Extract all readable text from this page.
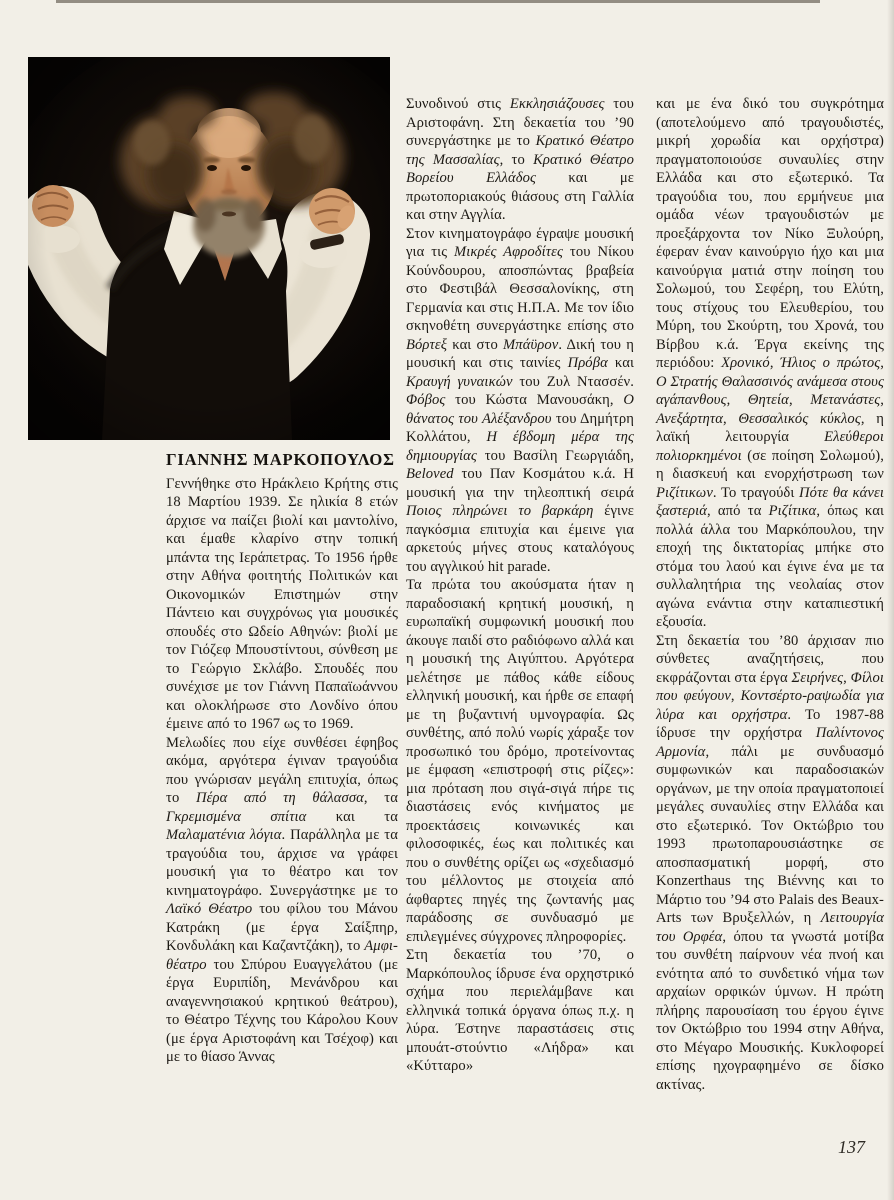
ΓΙΑΝΝΗΣ ΜΑΡΚΟΠΟΥΛΟΣ

Γεννήθηκε στο Ηράκλειο Κρήτης στις 18 Μαρτίου 1939. Σε ηλικία 8 ετών άρχισε να παίζει βιολί και μαντολίνο, και έμαθε κλαρίνο στην τοπική μπάντα της Ιεράπετρας. Το 1956 ήρθε στην Αθήνα φοιτητής Πολιτικών και Οικονομικών Επιστημών στην Πάντειο και συγχρόνως για μουσικές σπουδές στο Ωδείο Αθηνών: βιολί με τον Γιόζεφ Μπουστίντουι, σύνθεση με το Γεώργιο Σκλάβο. Σπουδές που συνέχισε με τον Γιάννη Παπαϊωάννου και ολοκλήρωσε στο Λονδίνο όπου έμεινε από το 1967 ως το 1969.

Μελωδίες που είχε συνθέσει έφηβος ακόμα, αργότερα έγιναν τραγούδια που γνώρισαν μεγάλη επιτυχία, όπως το Πέρα από τη θάλασσα, τα Γκρεμισμένα σπίτια και τα Μαλαματένια λόγια. Παράλληλα με τα τραγούδια του, άρχισε να γράφει μουσική για το θέατρο και τον κινηματογράφο. Συνεργάστηκε με το Λαϊκό Θέατρο του φίλου του Μάνου Κατράκη (με έργα Σαίξπηρ, Κονδυλάκη και Καζαντζάκη), το Αμφι-θέατρο του Σπύρου Ευαγγελάτου (με έργα Ευριπίδη, Μενάνδρου και αναγεννησιακού κρητικού θεάτρου), το Θέατρο Τέχνης του Κάρολου Κουν (με έργα Αριστοφάνη και Τσέχοφ) και με το θίασο Άννας

Συνοδινού στις Εκκλησιάζουσες του Αριστοφάνη. Στη δεκαετία του ’90 συνεργάστηκε με το Κρατικό Θέατρο της Μασσαλίας, το Κρατικό Θέατρο Βορείου Ελλάδος και με πρωτοποριακούς θιάσους στη Γαλλία και στην Αγγλία.

Στον κινηματογράφο έγραψε μουσική για τις Μικρές Αφροδίτες του Νίκου Κούνδουρου, αποσπώντας βραβεία στο Φεστιβάλ Θεσσαλονίκης, στη Γερμανία και στις Η.Π.Α. Με τον ίδιο σκηνοθέτη συνεργάστηκε επίσης στο Βόρτεξ και στο Μπάϋρον. Δική του η μουσική και στις ταινίες Πρόβα και Κραυγή γυναικών του Ζυλ Ντασσέν. Φόβος του Κώστα Μανουσάκη, Ο θάνατος του Αλέξανδρου του Δημήτρη Κολλάτου, Η έβδομη μέρα της δημιουργίας του Βασίλη Γεωργιάδη, Beloved του Παν Κοσμάτου κ.ά. Η μουσική για την τηλεοπτική σειρά Ποιος πληρώνει το βαρκάρη έγινε παγκόσμια επιτυχία και έμεινε για αρκετούς μήνες στους καταλόγους του αγγλικού hit parade.

Τα πρώτα του ακούσματα ήταν η παραδοσιακή κρητική μουσική, η ευρωπαϊκή συμφωνική μουσική που άκουγε παιδί στο ραδιόφωνο αλλά και η μουσική της Αιγύπτου. Αργότερα μελέτησε με πάθος κάθε είδους ελληνική μουσική, και ήρθε σε επαφή με τη βυζαντινή υμνογραφία. Ως συνθέτης, από πολύ νωρίς χάραξε τον προσωπικό του δρόμο, προτείνοντας με έμφαση «επιστροφή στις ρίζες»: μια πρόταση που σιγά-σιγά πήρε τις διαστάσεις ενός κινήματος με προεκτάσεις κοινωνικές και φιλοσοφικές, έως και πολιτικές και που ο συνθέτης ορίζει ως «σχεδιασμό του μέλλοντος με στοιχεία από άφθαρτες πηγές της ζωντανής μας παράδοσης σε συνδυασμό με επιλεγμένες σύγχρονες πληροφορίες.

Στη δεκαετία του ’70, ο Μαρκόπουλος ίδρυσε ένα ορχηστρικό σχήμα που περιελάμβανε και ελληνικά τοπικά όργανα όπως π.χ. η λύρα. Έστηνε παραστάσεις στις μπουάτ-στούντιο «Λήδρα» και «Κύτταρο»

και με ένα δικό του συγκρότημα (αποτελούμενο από τραγουδιστές, μικρή χορωδία και ορχήστρα) πραγματοποιούσε συναυλίες στην Ελλάδα και στο εξωτερικό. Τα τραγούδια του, που ερμήνευε μια ομάδα νέων τραγουδιστών με προεξάρχοντα τον Νίκο Ξυλούρη, έφεραν έναν καινούργιο ήχο και μια καινούργια ματιά στην ποίηση του Σολωμού, του Σεφέρη, του Ελύτη, τους στίχους του Ελευθερίου, του Μύρη, του Σκούρτη, του Χρονά, του Βίρβου κ.ά. Έργα εκείνης της περιόδου: Χρονικό, Ήλιος ο πρώτος, Ο Στρατής Θαλασσινός ανάμεσα στους αγάπανθους, Θητεία, Μετανάστες, Ανεξάρτητα, Θεσσαλικός κύκλος, η λαϊκή λειτουργία Ελεύθεροι πολιορκημένοι (σε ποίηση Σολωμού), η διασκευή και ενορχήστρωση των Ριζίτικων. Το τραγούδι Πότε θα κάνει ξαστεριά, από τα Ριζίτικα, όπως και πολλά άλλα του Μαρκόπουλου, την εποχή της δικτατορίας μπήκε στο στόμα του λαού και έγινε ένα με τα συλλαλητήρια της νεολαίας στον αγώνα ενάντια στην καταπιεστική εξουσία.

Στη δεκαετία του ’80 άρχισαν πιο σύνθετες αναζητήσεις, που εκφράζονται στα έργα Σειρήνες, Φίλοι που φεύγουν, Κοντσέρτο-ραψωδία για λύρα και ορχήστρα. Το 1987-88 ίδρυσε την ορχήστρα Παλίντονος Αρμονία, πάλι με συνδυασμό συμφωνικών και παραδοσιακών οργάνων, με την οποία πραγματοποιεί μεγάλες συναυλίες στην Ελλάδα και στο εξωτερικό. Τον Οκτώβριο του 1993 πρωτοπαρουσιάστηκε σε αποσπασματική μορφή, στο Konzerthaus της Βιέννης και το Μάρτιο του ’94 στο Palais des Beaux-Arts των Βρυξελλών, η Λειτουργία του Ορφέα, όπου τα γνωστά μοτίβα του συνθέτη παίρνουν νέα πνοή και ενότητα από το συνδετικό νήμα των αρχαίων ορφικών ύμνων. Η πρώτη πλήρης παρουσίαση του έργου έγινε τον Οκτώβριο του 1994 στην Αθήνα, στο Μέγαρο Μουσικής. Κυκλοφορεί επίσης ηχογραφημένο σε δίσκο ακτίνας.

137
